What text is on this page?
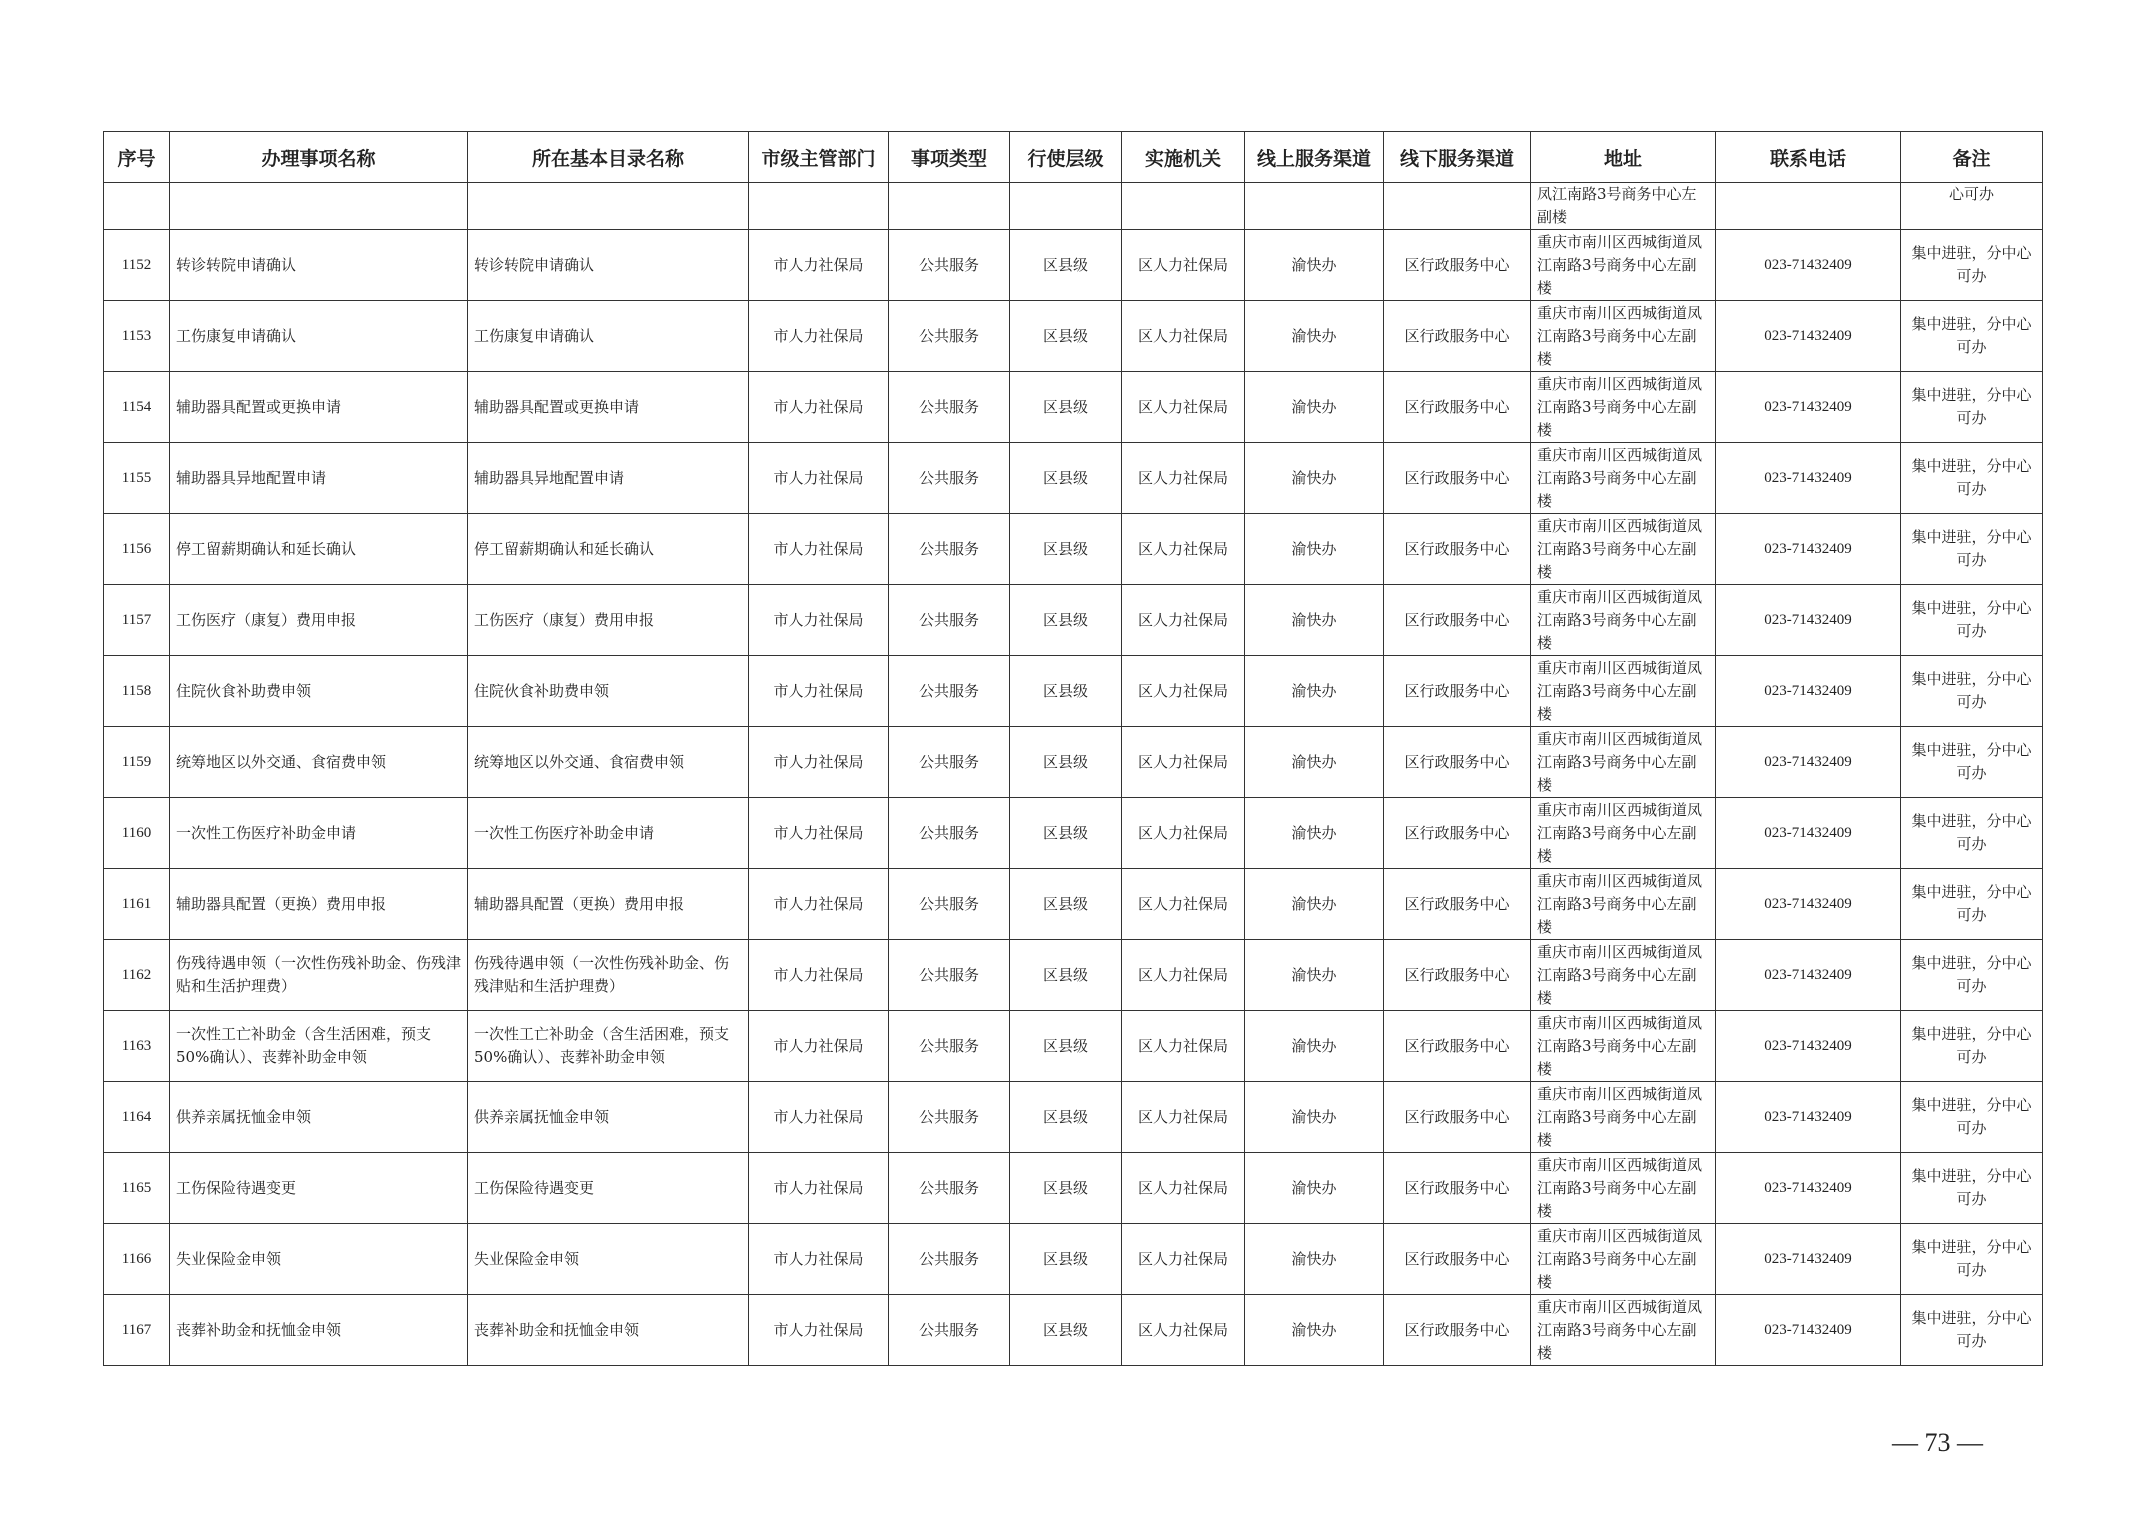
序号	办理事项名称	所在基本目录名称	市级主管部门	事项类型	行使层级	实施机关	线上服务渠道	线下服务渠道	地址	联系电话	备注
									凤江南路3号商务中心左副楼		心可办
1152	转诊转院申请确认	转诊转院申请确认	市人力社保局	公共服务	区县级	区人力社保局	渝快办	区行政服务中心	重庆市南川区西城街道凤江南路3号商务中心左副楼	023-71432409	集中进驻，分中心可办
1153	工伤康复申请确认	工伤康复申请确认	市人力社保局	公共服务	区县级	区人力社保局	渝快办	区行政服务中心	重庆市南川区西城街道凤江南路3号商务中心左副楼	023-71432409	集中进驻，分中心可办
1154	辅助器具配置或更换申请	辅助器具配置或更换申请	市人力社保局	公共服务	区县级	区人力社保局	渝快办	区行政服务中心	重庆市南川区西城街道凤江南路3号商务中心左副楼	023-71432409	集中进驻，分中心可办
1155	辅助器具异地配置申请	辅助器具异地配置申请	市人力社保局	公共服务	区县级	区人力社保局	渝快办	区行政服务中心	重庆市南川区西城街道凤江南路3号商务中心左副楼	023-71432409	集中进驻，分中心可办
1156	停工留薪期确认和延长确认	停工留薪期确认和延长确认	市人力社保局	公共服务	区县级	区人力社保局	渝快办	区行政服务中心	重庆市南川区西城街道凤江南路3号商务中心左副楼	023-71432409	集中进驻，分中心可办
1157	工伤医疗（康复）费用申报	工伤医疗（康复）费用申报	市人力社保局	公共服务	区县级	区人力社保局	渝快办	区行政服务中心	重庆市南川区西城街道凤江南路3号商务中心左副楼	023-71432409	集中进驻，分中心可办
1158	住院伙食补助费申领	住院伙食补助费申领	市人力社保局	公共服务	区县级	区人力社保局	渝快办	区行政服务中心	重庆市南川区西城街道凤江南路3号商务中心左副楼	023-71432409	集中进驻，分中心可办
1159	统筹地区以外交通、食宿费申领	统筹地区以外交通、食宿费申领	市人力社保局	公共服务	区县级	区人力社保局	渝快办	区行政服务中心	重庆市南川区西城街道凤江南路3号商务中心左副楼	023-71432409	集中进驻，分中心可办
1160	一次性工伤医疗补助金申请	一次性工伤医疗补助金申请	市人力社保局	公共服务	区县级	区人力社保局	渝快办	区行政服务中心	重庆市南川区西城街道凤江南路3号商务中心左副楼	023-71432409	集中进驻，分中心可办
1161	辅助器具配置（更换）费用申报	辅助器具配置（更换）费用申报	市人力社保局	公共服务	区县级	区人力社保局	渝快办	区行政服务中心	重庆市南川区西城街道凤江南路3号商务中心左副楼	023-71432409	集中进驻，分中心可办
1162	伤残待遇申领（一次性伤残补助金、伤残津贴和生活护理费）	伤残待遇申领（一次性伤残补助金、伤残津贴和生活护理费）	市人力社保局	公共服务	区县级	区人力社保局	渝快办	区行政服务中心	重庆市南川区西城街道凤江南路3号商务中心左副楼	023-71432409	集中进驻，分中心可办
1163	一次性工亡补助金（含生活困难，预支50%确认）、丧葬补助金申领	一次性工亡补助金（含生活困难，预支50%确认）、丧葬补助金申领	市人力社保局	公共服务	区县级	区人力社保局	渝快办	区行政服务中心	重庆市南川区西城街道凤江南路3号商务中心左副楼	023-71432409	集中进驻，分中心可办
1164	供养亲属抚恤金申领	供养亲属抚恤金申领	市人力社保局	公共服务	区县级	区人力社保局	渝快办	区行政服务中心	重庆市南川区西城街道凤江南路3号商务中心左副楼	023-71432409	集中进驻，分中心可办
1165	工伤保险待遇变更	工伤保险待遇变更	市人力社保局	公共服务	区县级	区人力社保局	渝快办	区行政服务中心	重庆市南川区西城街道凤江南路3号商务中心左副楼	023-71432409	集中进驻，分中心可办
1166	失业保险金申领	失业保险金申领	市人力社保局	公共服务	区县级	区人力社保局	渝快办	区行政服务中心	重庆市南川区西城街道凤江南路3号商务中心左副楼	023-71432409	集中进驻，分中心可办
1167	丧葬补助金和抚恤金申领	丧葬补助金和抚恤金申领	市人力社保局	公共服务	区县级	区人力社保局	渝快办	区行政服务中心	重庆市南川区西城街道凤江南路3号商务中心左副楼	023-71432409	集中进驻，分中心可办
— 73 —
